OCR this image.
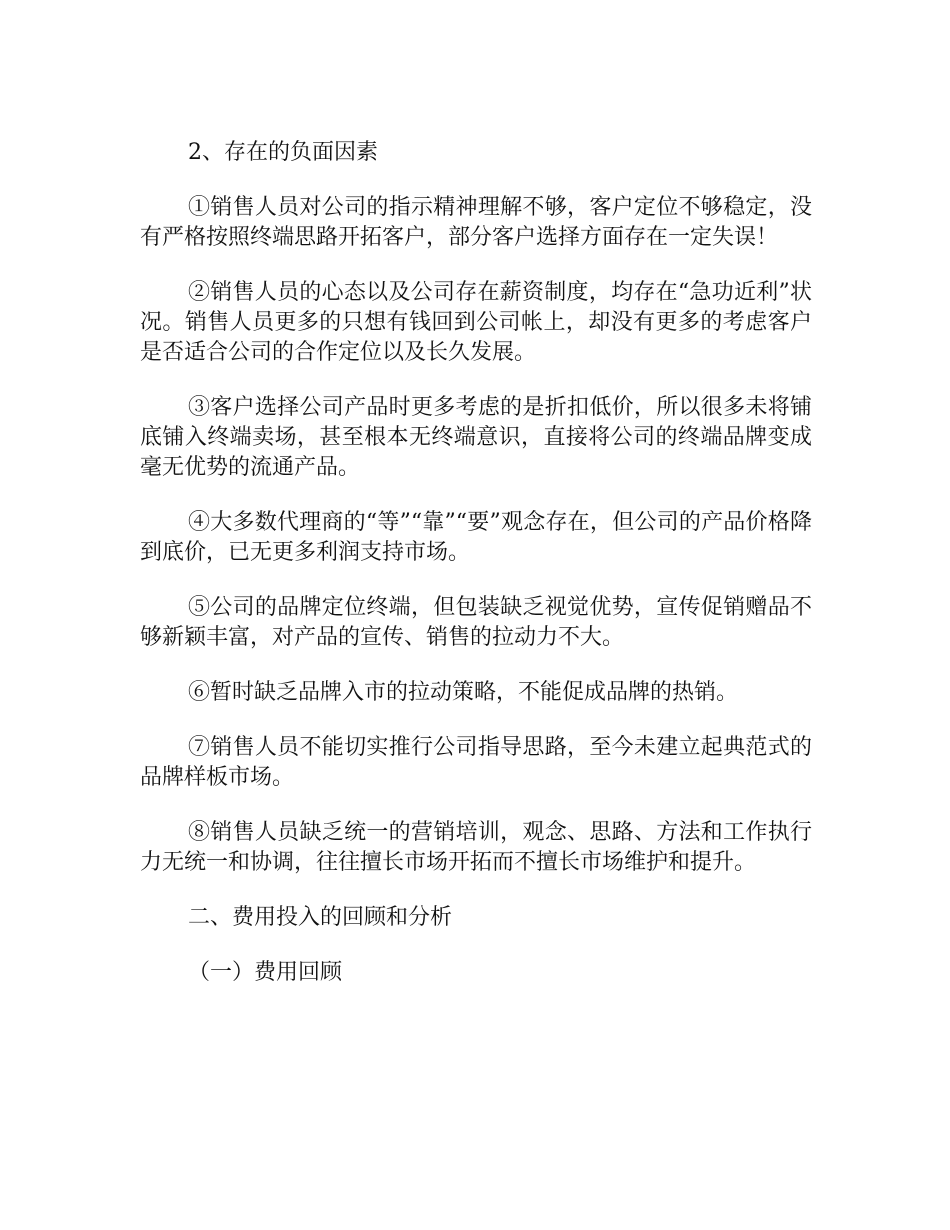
2、存在的负面因素

①销售人员对公司的指示精神理解不够，客户定位不够稳定，没有严格按照终端思路开拓客户，部分客户选择方面存在一定失误！

②销售人员的心态以及公司存在薪资制度，均存在“急功近利”状况。销售人员更多的只想有钱回到公司帐上，却没有更多的考虑客户是否适合公司的合作定位以及长久发展。

③客户选择公司产品时更多考虑的是折扣低价，所以很多未将铺底铺入终端卖场，甚至根本无终端意识，直接将公司的终端品牌变成毫无优势的流通产品。

④大多数代理商的“等”“靠”“要”观念存在，但公司的产品价格降到底价，已无更多利润支持市场。

⑤公司的品牌定位终端，但包装缺乏视觉优势，宣传促销赠品不够新颖丰富，对产品的宣传、销售的拉动力不大。

⑥暂时缺乏品牌入市的拉动策略，不能促成品牌的热销。

⑦销售人员不能切实推行公司指导思路，至今未建立起典范式的品牌样板市场。

⑧销售人员缺乏统一的营销培训，观念、思路、方法和工作执行力无统一和协调，往往擅长市场开拓而不擅长市场维护和提升。

二、费用投入的回顾和分析

（一）费用回顾
